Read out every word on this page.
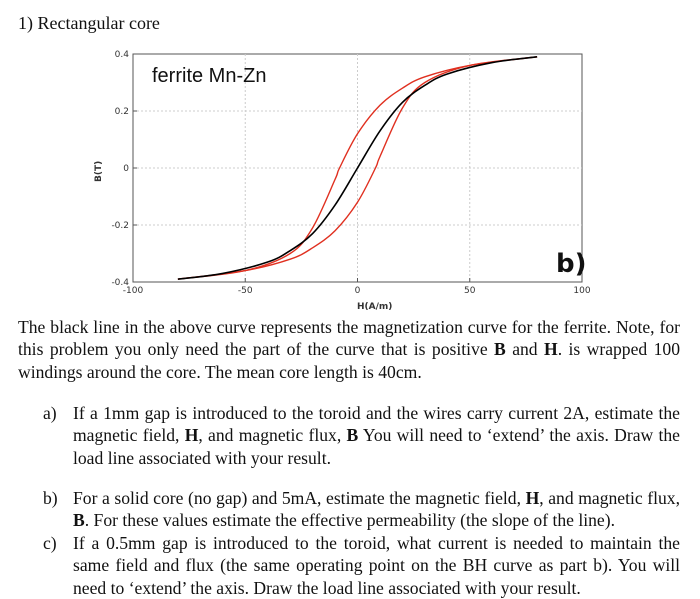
1) Rectangular core
-100	-50	0	50	100
0.4
0.2
0
-0.2
-0.4
ferrite Mn-Zn
b)
H(A/m)
B(T)
The black line in the above curve represents the magnetization curve for the ferrite. Note, for this problem you only need the part of the curve that is positive B and H. is wrapped 100 windings around the core. The mean core length is 40cm.
a) If a 1mm gap is introduced to the toroid and the wires carry current 2A, estimate the magnetic field, H, and magnetic flux, B You will need to ‘extend’ the axis. Draw the load line associated with your result.
b) For a solid core (no gap) and 5mA, estimate the magnetic field, H, and magnetic flux, B. For these values estimate the effective permeability (the slope of the line).
c) If a 0.5mm gap is introduced to the toroid, what current is needed to maintain the same field and flux (the same operating point on the BH curve as part b). You will need to ‘extend’ the axis. Draw the load line associated with your result.
